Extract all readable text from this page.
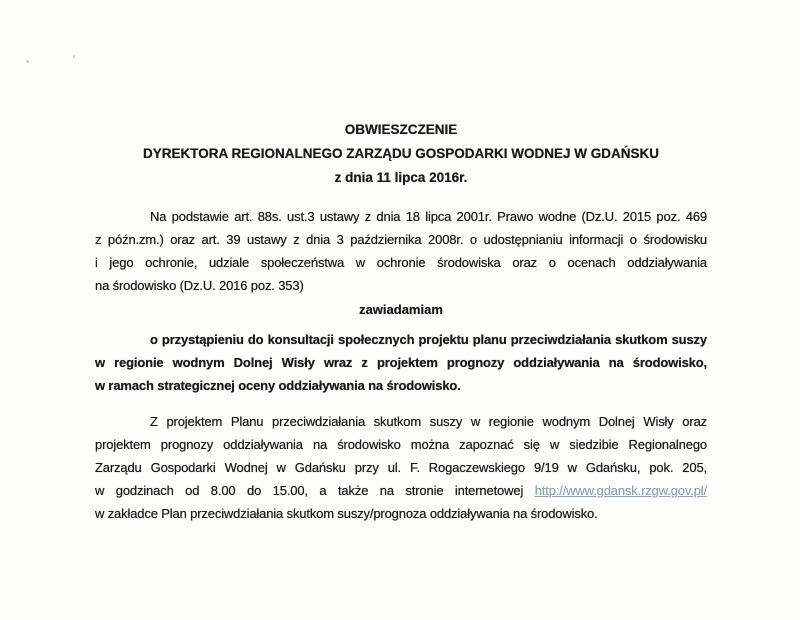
OBWIESZCZENIE
DYREKTORA REGIONALNEGO ZARZĄDU GOSPODARKI WODNEJ W GDAŃSKU
z dnia 11 lipca 2016r.
Na podstawie art. 88s. ust.3 ustawy z dnia 18 lipca 2001r. Prawo wodne (Dz.U. 2015 poz. 469
z późn.zm.) oraz art. 39 ustawy z dnia 3 października 2008r. o udostępnianiu informacji o środowisku
i jego ochronie, udziale społeczeństwa w ochronie środowiska oraz o ocenach oddziaływania
na środowisko (Dz.U. 2016 poz. 353)
zawiadamiam
o przystąpieniu do konsultacji społecznych projektu planu przeciwdziałania skutkom suszy
w regionie wodnym Dolnej Wisły wraz z projektem prognozy oddziaływania na środowisko,
w ramach strategicznej oceny oddziaływania na środowisko.
Z projektem Planu przeciwdziałania skutkom suszy w regionie wodnym Dolnej Wisły oraz
projektem prognozy oddziaływania na środowisko można zapoznać się w siedzibie Regionalnego
Zarządu Gospodarki Wodnej w Gdańsku przy ul. F. Rogaczewskiego 9/19 w Gdańsku, pok. 205,
w godzinach od 8.00 do 15.00, a także na stronie internetowej http://www.gdansk.rzgw.gov.pl/
w zakładce Plan przeciwdziałania skutkom suszy/prognoza oddziaływania na środowisko.
